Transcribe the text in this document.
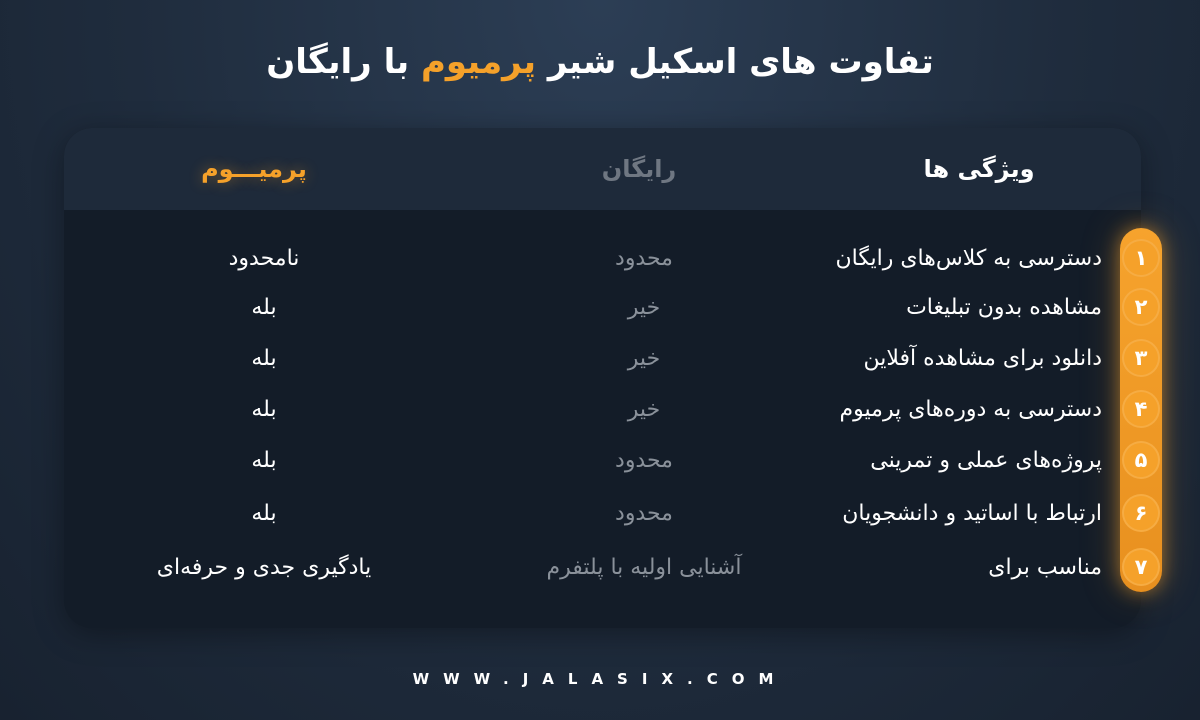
تفاوت های اسکیل شیر پرمیوم با رایگان
ویژگی ها
رایگان
پرمیـــوم
دسترسی به کلاس‌های رایگان
محدود
نامحدود
مشاهده بدون تبلیغات
خیر
بله
دانلود برای مشاهده آفلاین
خیر
بله
دسترسی به دوره‌های پرمیوم
خیر
بله
پروژه‌های عملی و تمرینی
محدود
بله
ارتباط با اساتید و دانشجویان
محدود
بله
مناسب برای
آشنایی اولیه با پلتفرم
یادگیری جدی و حرفه‌ای
۱
۲
۳
۴
۵
۶
۷
WWW.JALASIX.COM
